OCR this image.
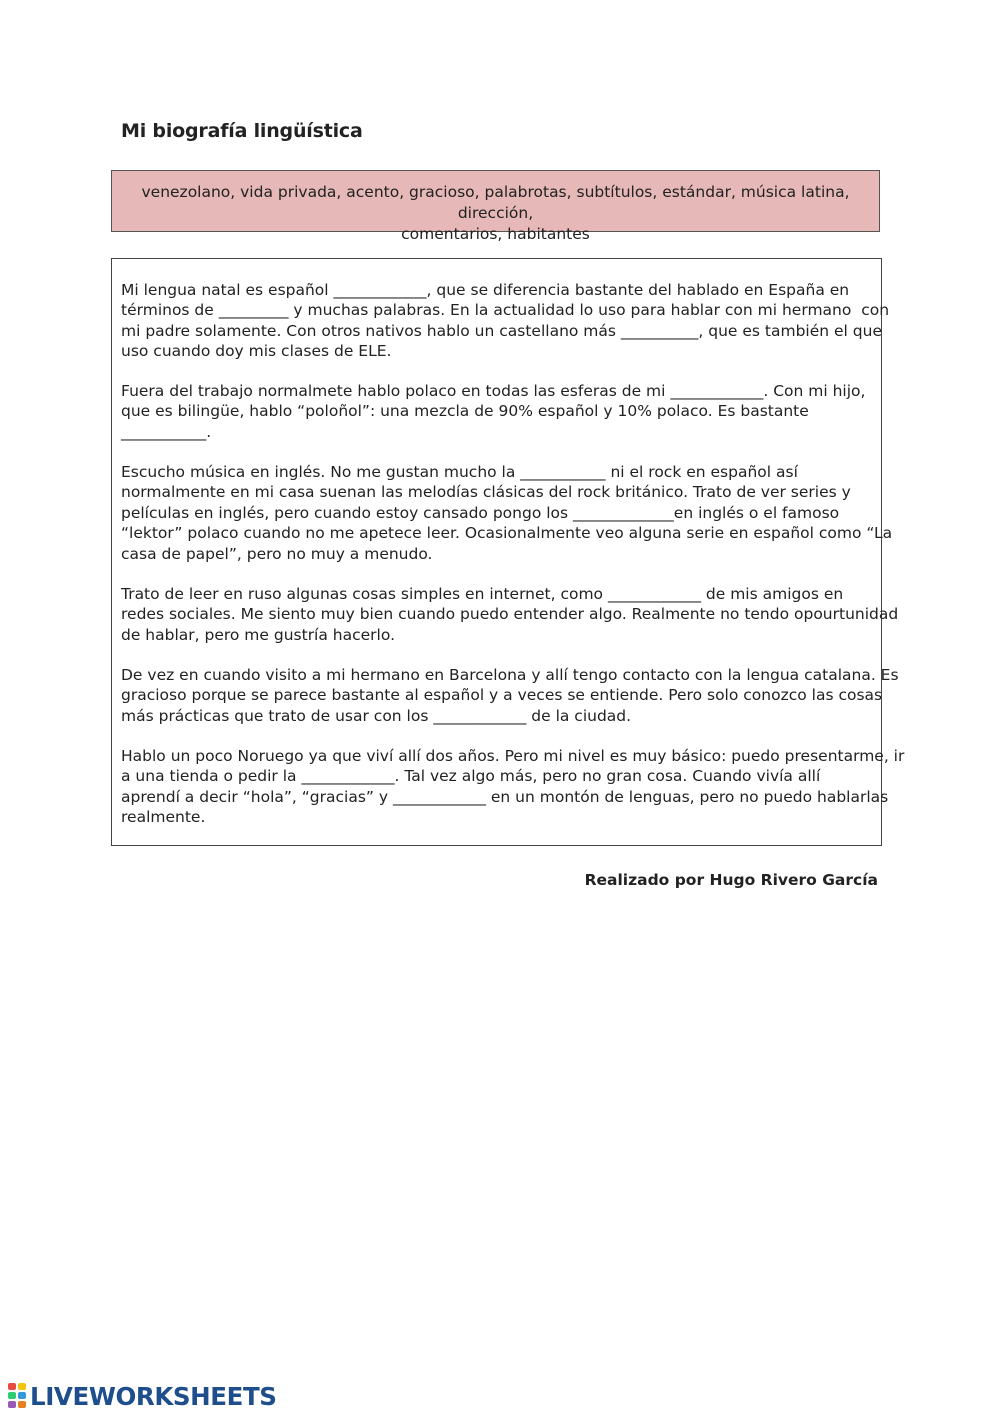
Mi biografía lingüística
venezolano, vida privada, acento, gracioso, palabrotas, subtítulos, estándar, música latina, dirección,
comentarios, habitantes
Mi lengua natal es español ____________, que se diferencia bastante del hablado en España en
términos de _________ y muchas palabras. En la actualidad lo uso para hablar con mi hermano  con
mi padre solamente. Con otros nativos hablo un castellano más __________, que es también el que
uso cuando doy mis clases de ELE.
Fuera del trabajo normalmete hablo polaco en todas las esferas de mi ____________. Con mi hijo,
que es bilingüe, hablo “poloñol”: una mezcla de 90% español y 10% polaco. Es bastante
___________.
Escucho música en inglés. No me gustan mucho la ___________ ni el rock en español así
normalmente en mi casa suenan las melodías clásicas del rock británico. Trato de ver series y
películas en inglés, pero cuando estoy cansado pongo los _____________en inglés o el famoso
“lektor” polaco cuando no me apetece leer. Ocasionalmente veo alguna serie en español como “La
casa de papel”, pero no muy a menudo.
Trato de leer en ruso algunas cosas simples en internet, como ____________ de mis amigos en
redes sociales. Me siento muy bien cuando puedo entender algo. Realmente no tendo opourtunidad
de hablar, pero me gustría hacerlo.
De vez en cuando visito a mi hermano en Barcelona y allí tengo contacto con la lengua catalana. Es
gracioso porque se parece bastante al español y a veces se entiende. Pero solo conozco las cosas
más prácticas que trato de usar con los ____________ de la ciudad.
Hablo un poco Noruego ya que viví allí dos años. Pero mi nivel es muy básico: puedo presentarme, ir
a una tienda o pedir la ____________. Tal vez algo más, pero no gran cosa. Cuando vivía allí
aprendí a decir “hola”, “gracias” y ____________ en un montón de lenguas, pero no puedo hablarlas
realmente.
Realizado por Hugo Rivero García
LIVEWORKSHEETS
